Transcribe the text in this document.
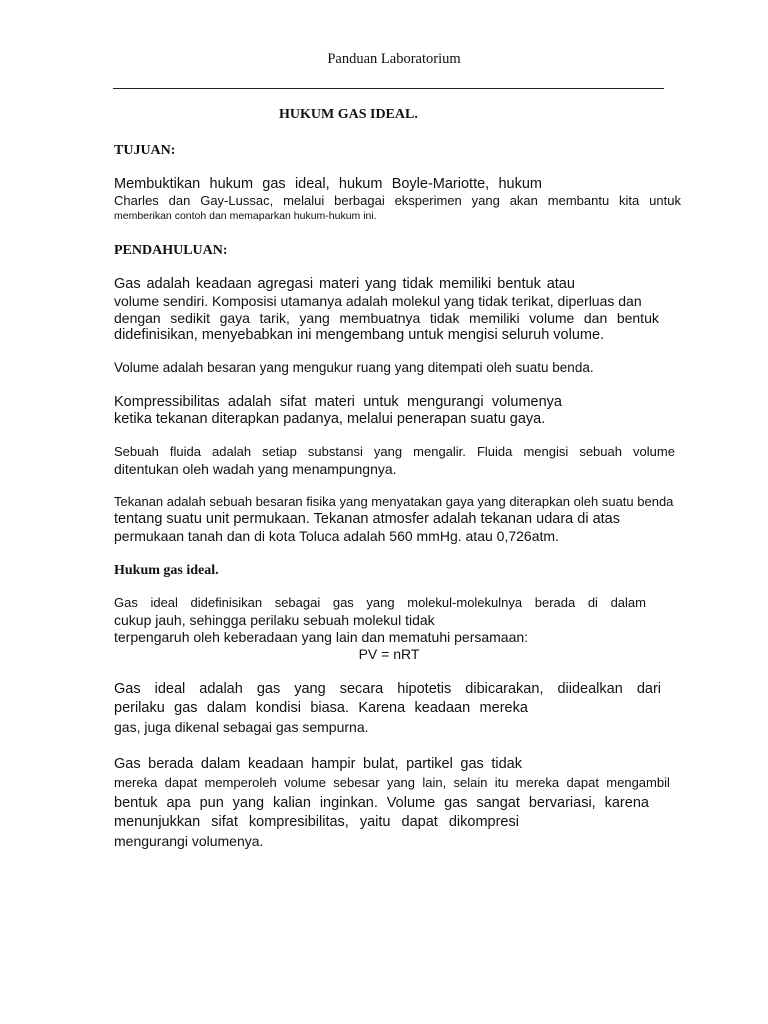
Panduan Laboratorium
HUKUM GAS IDEAL.
TUJUAN:
Membuktikan hukum gas ideal, hukum Boyle-Mariotte, hukum
Charles dan Gay-Lussac, melalui berbagai eksperimen yang akan membantu kita untuk
memberikan contoh dan memaparkan hukum-hukum ini.
PENDAHULUAN:
Gas adalah keadaan agregasi materi yang tidak memiliki bentuk atau
volume sendiri. Komposisi utamanya adalah molekul yang tidak terikat, diperluas dan
dengan sedikit gaya tarik, yang membuatnya tidak memiliki volume dan bentuk
didefinisikan, menyebabkan ini mengembang untuk mengisi seluruh volume.
Volume adalah besaran yang mengukur ruang yang ditempati oleh suatu benda.
Kompressibilitas adalah sifat materi untuk mengurangi volumenya
ketika tekanan diterapkan padanya, melalui penerapan suatu gaya.
Sebuah fluida adalah setiap substansi yang mengalir. Fluida mengisi sebuah volume
ditentukan oleh wadah yang menampungnya.
Tekanan adalah sebuah besaran fisika yang menyatakan gaya yang diterapkan oleh suatu benda
tentang suatu unit permukaan. Tekanan atmosfer adalah tekanan udara di atas
permukaan tanah dan di kota Toluca adalah 560 mmHg. atau 0,726atm.
Hukum gas ideal.
Gas ideal didefinisikan sebagai gas yang molekul-molekulnya berada di dalam
cukup jauh, sehingga perilaku sebuah molekul tidak
terpengaruh oleh keberadaan yang lain dan mematuhi persamaan:
PV = nRT
Gas ideal adalah gas yang secara hipotetis dibicarakan, diidealkan dari
perilaku gas dalam kondisi biasa. Karena keadaan mereka
gas, juga dikenal sebagai gas sempurna.
Gas berada dalam keadaan hampir bulat, partikel gas tidak
mereka dapat memperoleh volume sebesar yang lain, selain itu mereka dapat mengambil
bentuk apa pun yang kalian inginkan. Volume gas sangat bervariasi, karena
menunjukkan sifat kompresibilitas, yaitu dapat dikompresi
mengurangi volumenya.
